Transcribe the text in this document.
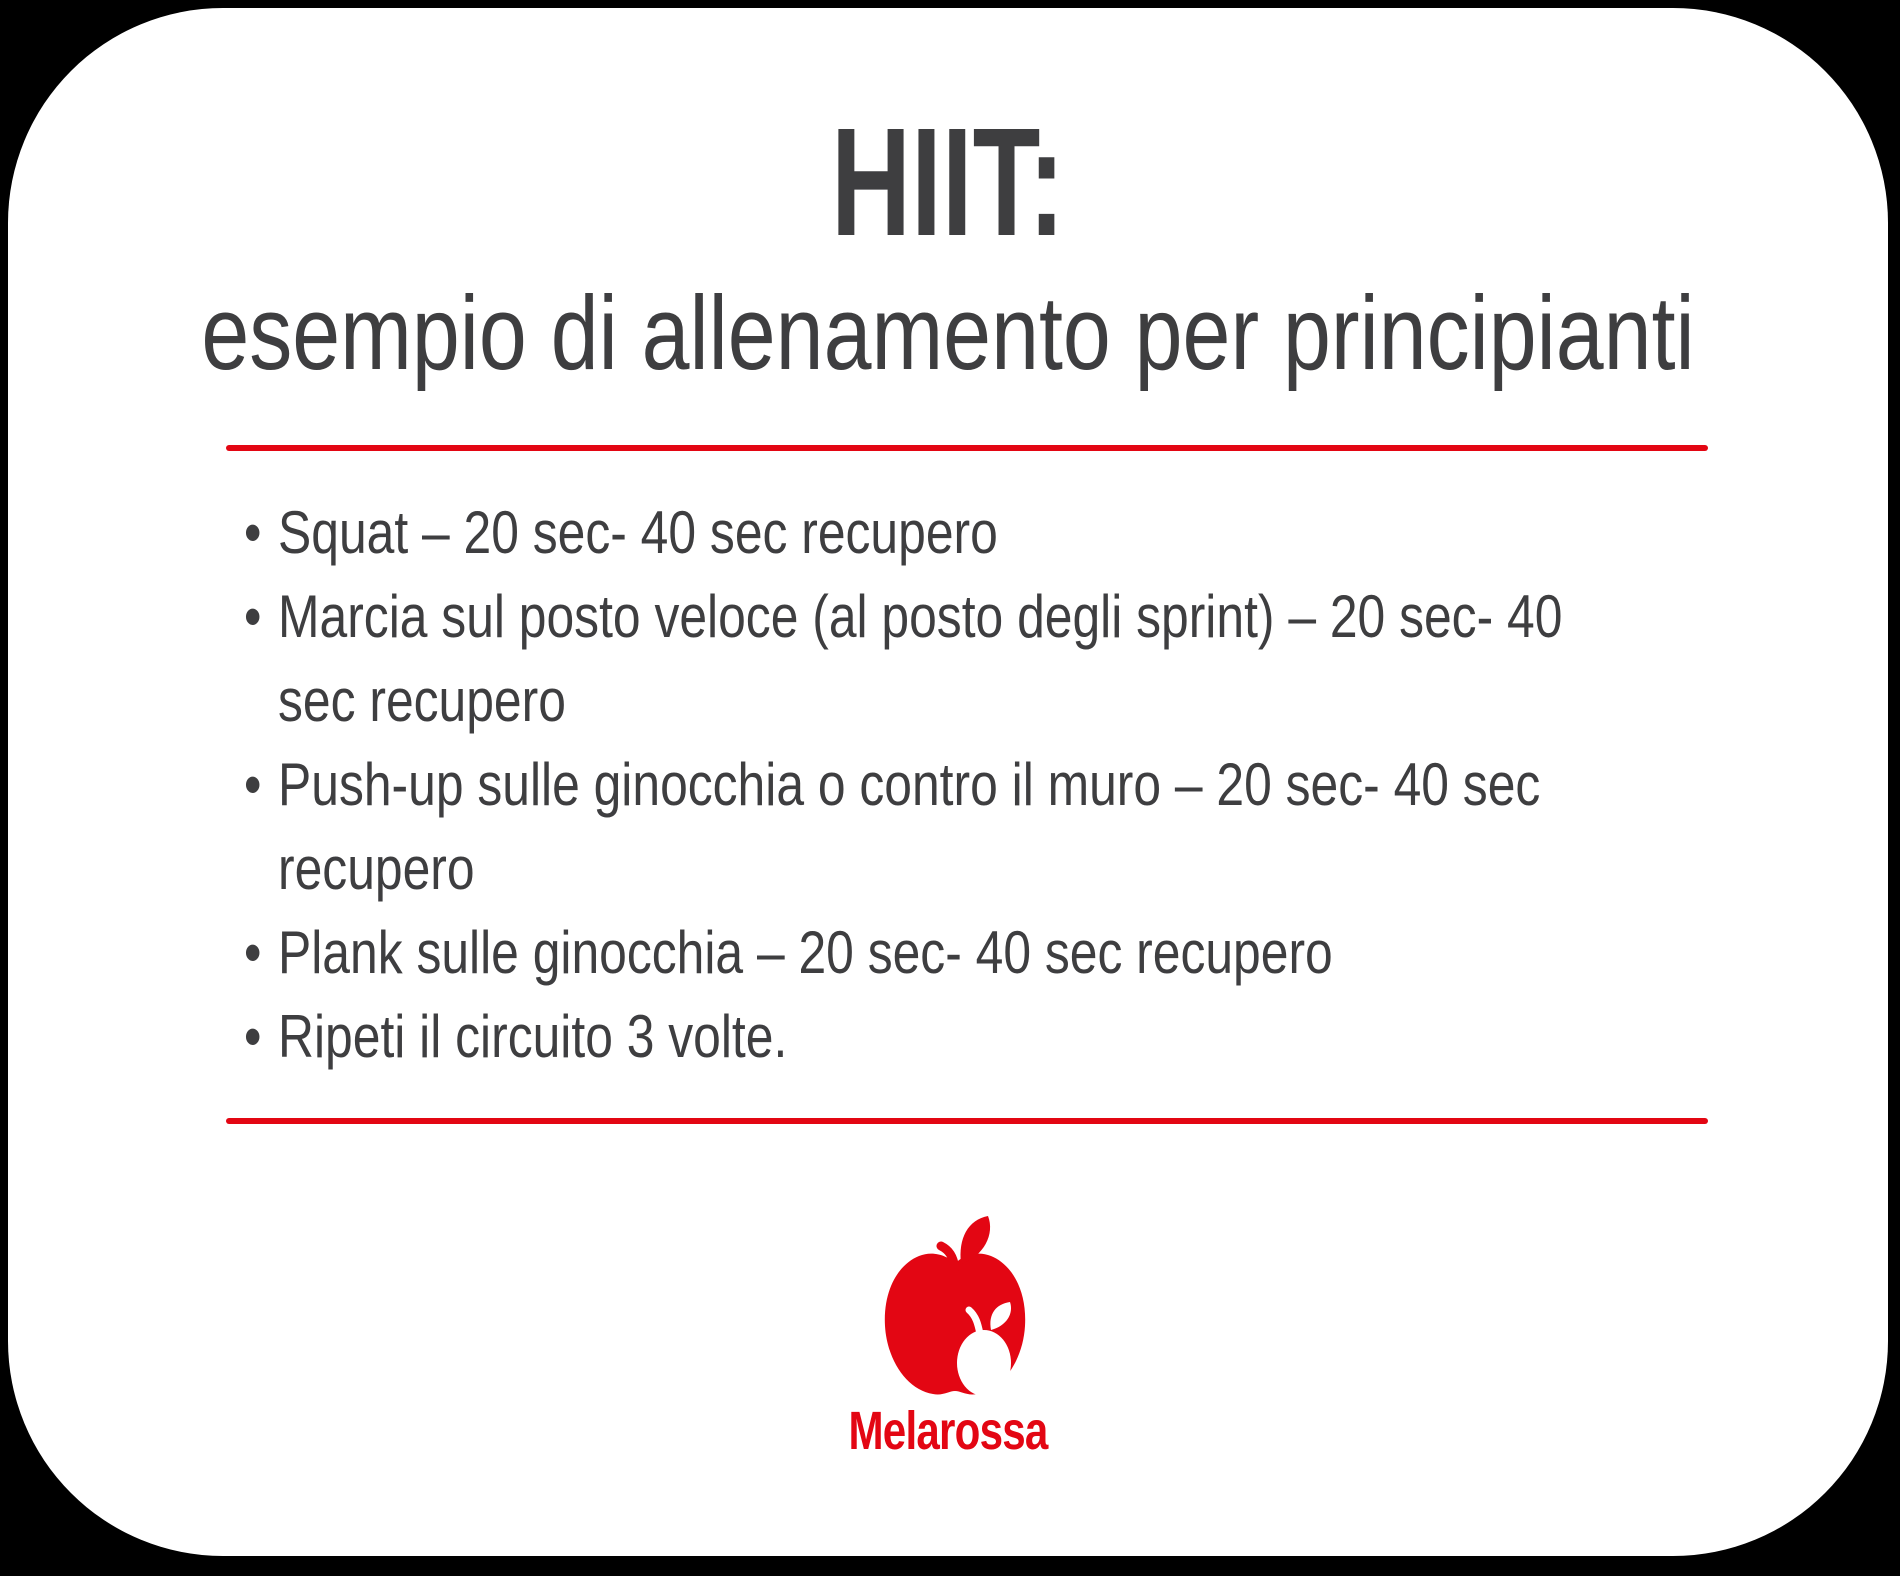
HIIT:
esempio di allenamento per principianti
• Squat – 20 sec- 40 sec recupero
• Marcia sul posto veloce (al posto degli sprint) – 20 sec- 40 sec recupero
• Push-up sulle ginocchia o contro il muro – 20 sec- 40 sec recupero
• Plank sulle ginocchia – 20 sec- 40 sec recupero
• Ripeti il circuito 3 volte.
Melarossa
